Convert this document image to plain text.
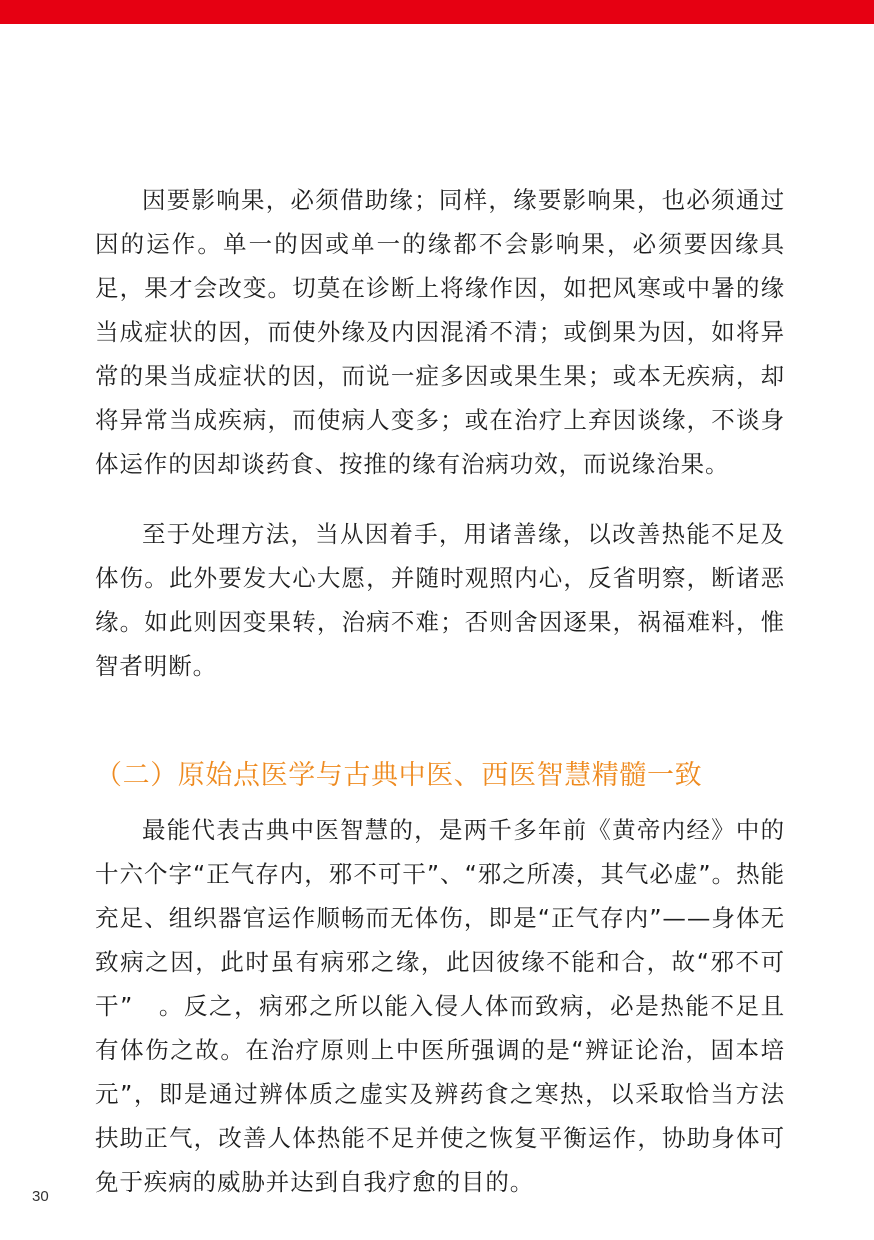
因要影响果，必须借助缘；同样，缘要影响果，也必须通过因的运作。单一的因或单一的缘都不会影响果，必须要因缘具足，果才会改变。切莫在诊断上将缘作因，如把风寒或中暑的缘当成症状的因，而使外缘及内因混淆不清；或倒果为因，如将异常的果当成症状的因，而说一症多因或果生果；或本无疾病，却将异常当成疾病，而使病人变多；或在治疗上弃因谈缘，不谈身体运作的因却谈药食、按推的缘有治病功效，而说缘治果。

至于处理方法，当从因着手，用诸善缘，以改善热能不足及体伤。此外要发大心大愿，并随时观照内心，反省明察，断诸恶缘。如此则因变果转，治病不难；否则舍因逐果，祸福难料，惟智者明断。

（二）原始点医学与古典中医、西医智慧精髓一致

最能代表古典中医智慧的，是两千多年前《黄帝内经》中的十六个字“正气存内，邪不可干”、“邪之所凑，其气必虚”。热能充足、组织器官运作顺畅而无体伤，即是“正气存内”——身体无致病之因，此时虽有病邪之缘，此因彼缘不能和合，故“邪不可干”　。反之，病邪之所以能入侵人体而致病，必是热能不足且有体伤之故。在治疗原则上中医所强调的是“辨证论治，固本培元”，即是通过辨体质之虚实及辨药食之寒热，以采取恰当方法扶助正气，改善人体热能不足并使之恢复平衡运作，协助身体可免于疾病的威胁并达到自我疗愈的目的。

30
